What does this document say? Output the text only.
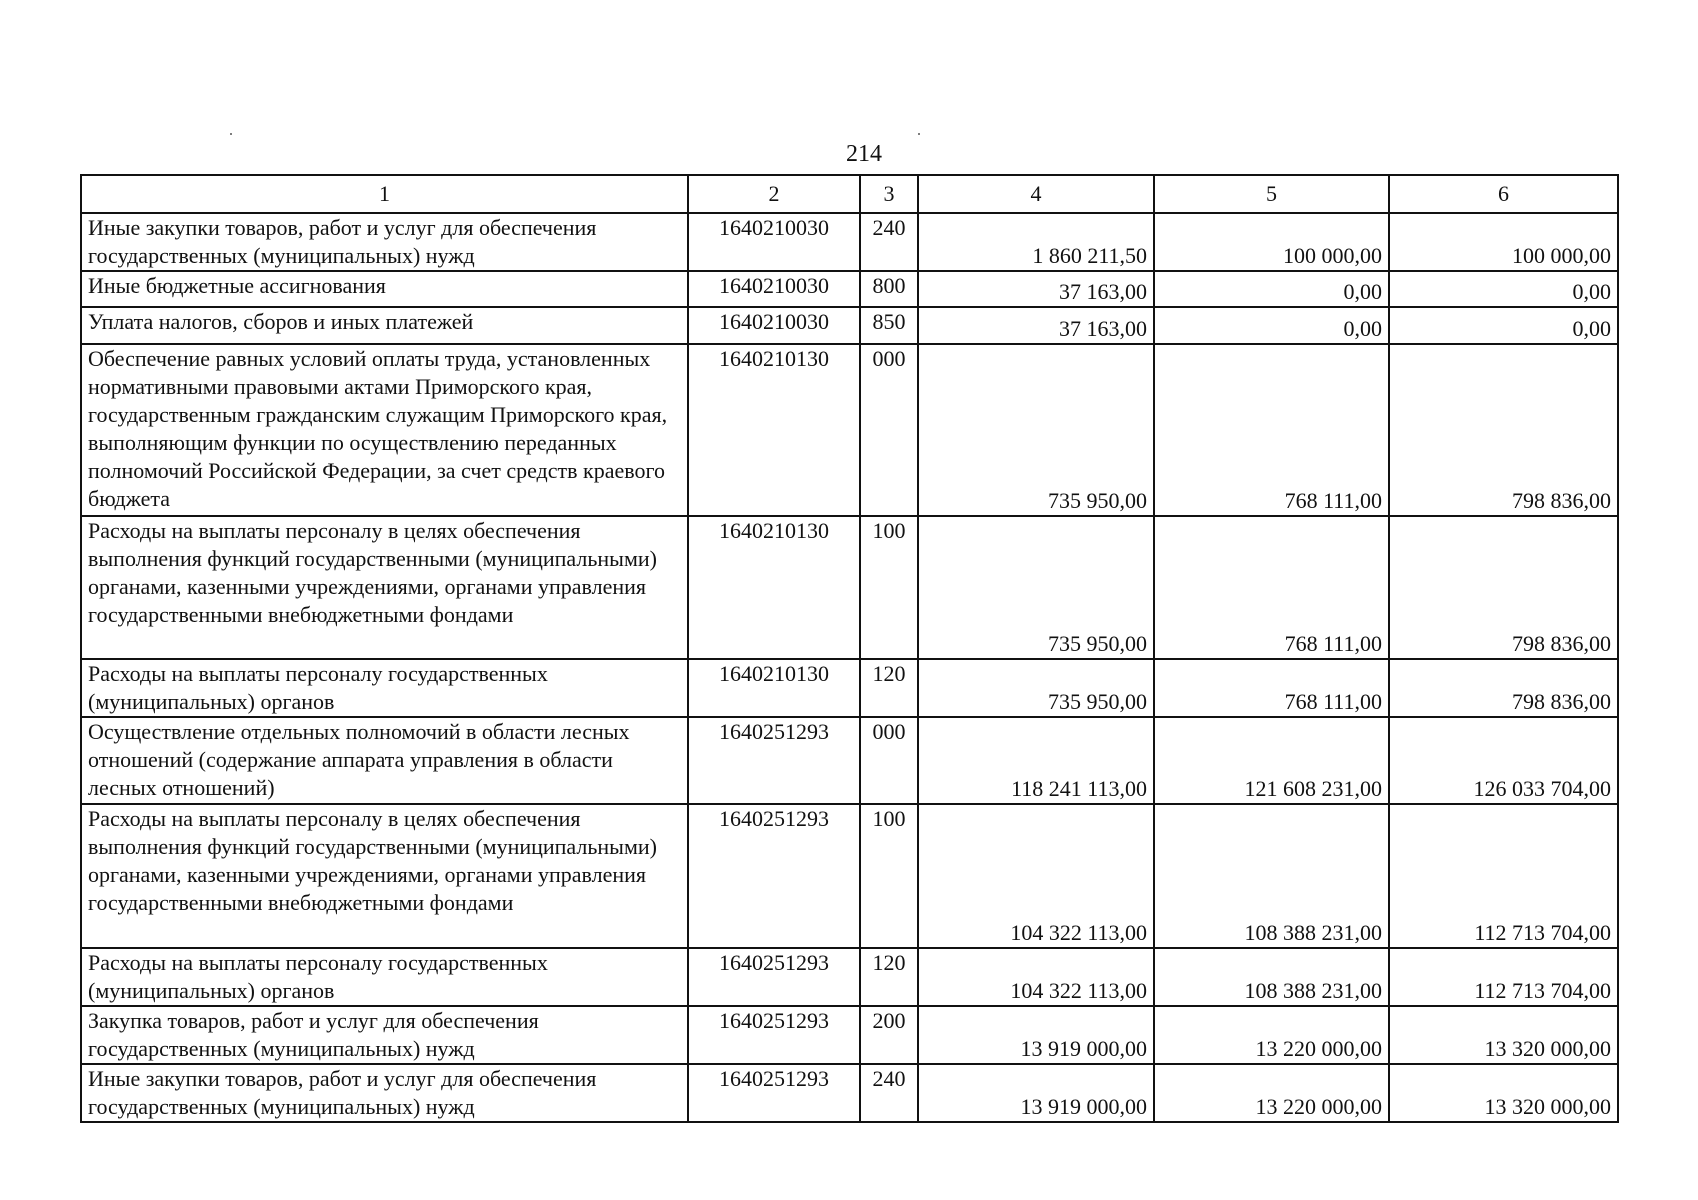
214
1	2	3	4	5	6
Иные закупки товаров, работ и услуг для обеспечения государственных (муниципальных) нужд	1640210030	240	1 860 211,50	100 000,00	100 000,00
Иные бюджетные ассигнования	1640210030	800	37 163,00	0,00	0,00
Уплата налогов, сборов и иных платежей	1640210030	850	37 163,00	0,00	0,00
Обеспечение равных условий оплаты труда, установленных нормативными правовыми актами Приморского края, государственным гражданским служащим Приморского края, выполняющим функции по осуществлению переданных полномочий Российской Федерации, за счет средств краевого бюджета	1640210130	000	735 950,00	768 111,00	798 836,00
Расходы на выплаты персоналу в целях обеспечения выполнения функций государственными (муниципальными) органами, казенными учреждениями, органами управления государственными внебюджетными фондами	1640210130	100	735 950,00	768 111,00	798 836,00
Расходы на выплаты персоналу государственных (муниципальных) органов	1640210130	120	735 950,00	768 111,00	798 836,00
Осуществление отдельных полномочий в области лесных отношений (содержание аппарата управления в области лесных отношений)	1640251293	000	118 241 113,00	121 608 231,00	126 033 704,00
Расходы на выплаты персоналу в целях обеспечения выполнения функций государственными (муниципальными) органами, казенными учреждениями, органами управления государственными внебюджетными фондами	1640251293	100	104 322 113,00	108 388 231,00	112 713 704,00
Расходы на выплаты персоналу государственных (муниципальных) органов	1640251293	120	104 322 113,00	108 388 231,00	112 713 704,00
Закупка товаров, работ и услуг для обеспечения государственных (муниципальных) нужд	1640251293	200	13 919 000,00	13 220 000,00	13 320 000,00
Иные закупки товаров, работ и услуг для обеспечения государственных (муниципальных) нужд	1640251293	240	13 919 000,00	13 220 000,00	13 320 000,00
